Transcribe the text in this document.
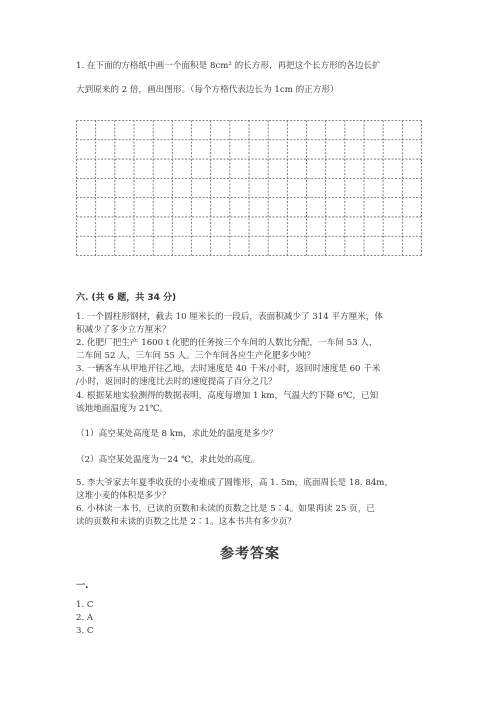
1. 在下面的方格纸中画一个面积是 8cm² 的长方形，再把这个长方形的各边长扩
大到原来的 2 倍，画出图形。（每个方格代表边长为 1cm 的正方形）
六. (共 6 题，共 34 分)
1. 一个圆柱形钢材，截去 10 厘米长的一段后，表面积减少了 314 平方厘米，体
积减少了多少立方厘米？
2. 化肥厂把生产 1600 t 化肥的任务按三个车间的人数比分配，一车间 53 人，
二车间 52 人，三车间 55 人。三个车间各应生产化肥多少吨？
3. 一辆客车从甲地开往乙地，去时速度是 40 千米/小时，返回时速度是 60 千米
/小时，返回时的速度比去时的速度提高了百分之几？
4. 根据某地实验测得的数据表明，高度每增加 1 km，气温大约下降 6℃，已知
该地地面温度为 21℃。
（1）高空某处高度是 8 km，求此处的温度是多少？
（2）高空某处温度为－24 ℃，求此处的高度。
5. 李大爷家去年夏季收获的小麦堆成了圆锥形，高 1. 5m，底面周长是 18. 84m，
这堆小麦的体积是多少？
6. 小林读一本书，已读的页数和未读的页数之比是 5∶4。如果再读 25 页，已
读的页数和未读的页数之比是 2∶1。这本书共有多少页？
参考答案
一.
1. C
2. A
3. C
